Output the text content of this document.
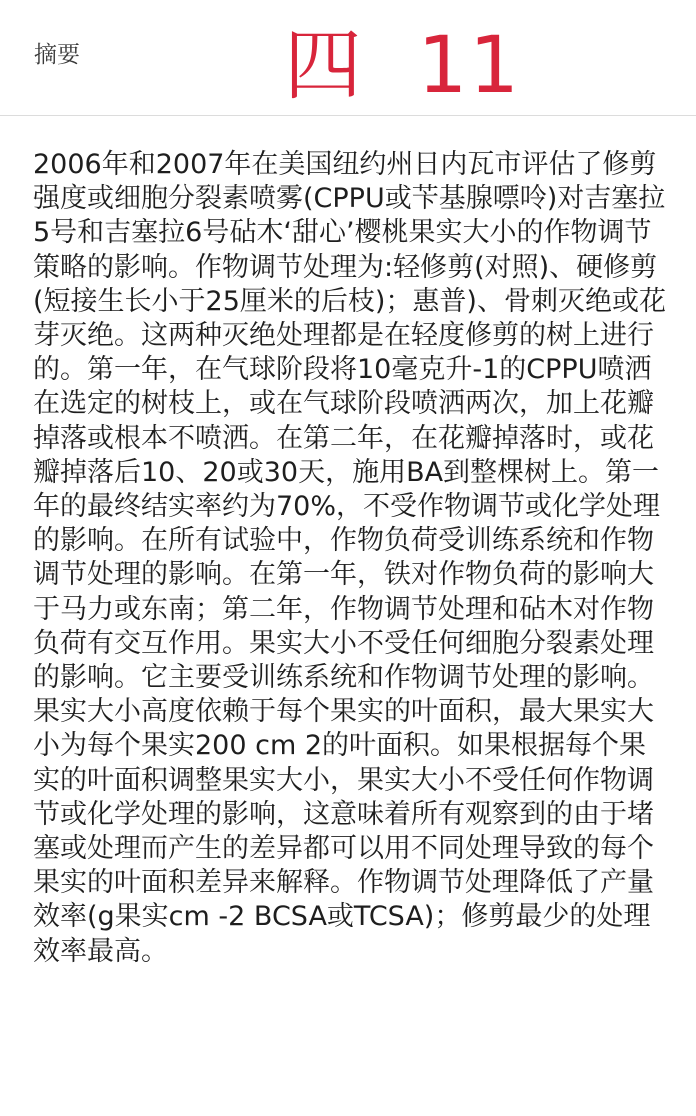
摘要	四  11

2006年和2007年在美国纽约州日内瓦市评估了修剪强度或细胞分裂素喷雾(CPPU或苄基腺嘌呤)对吉塞拉5号和吉塞拉6号砧木‘甜心’樱桃果实大小的作物调节策略的影响。作物调节处理为:轻修剪(对照)、硬修剪(短接生长小于25厘米的后枝)；惠普)、骨刺灭绝或花芽灭绝。这两种灭绝处理都是在轻度修剪的树上进行的。第一年，在气球阶段将10毫克升-1的CPPU喷洒在选定的树枝上，或在气球阶段喷洒两次，加上花瓣掉落或根本不喷洒。在第二年，在花瓣掉落时，或花瓣掉落后10、20或30天，施用BA到整棵树上。第一年的最终结实率约为70%，不受作物调节或化学处理的影响。在所有试验中，作物负荷受训练系统和作物调节处理的影响。在第一年，铁对作物负荷的影响大于马力或东南；第二年，作物调节处理和砧木对作物负荷有交互作用。果实大小不受任何细胞分裂素处理的影响。它主要受训练系统和作物调节处理的影响。果实大小高度依赖于每个果实的叶面积，最大果实大小为每个果实200 cm 2的叶面积。如果根据每个果实的叶面积调整果实大小，果实大小不受任何作物调节或化学处理的影响，这意味着所有观察到的由于堵塞或处理而产生的差异都可以用不同处理导致的每个果实的叶面积差异来解释。作物调节处理降低了产量效率(g果实cm -2 BCSA或TCSA)；修剪最少的处理效率最高。
